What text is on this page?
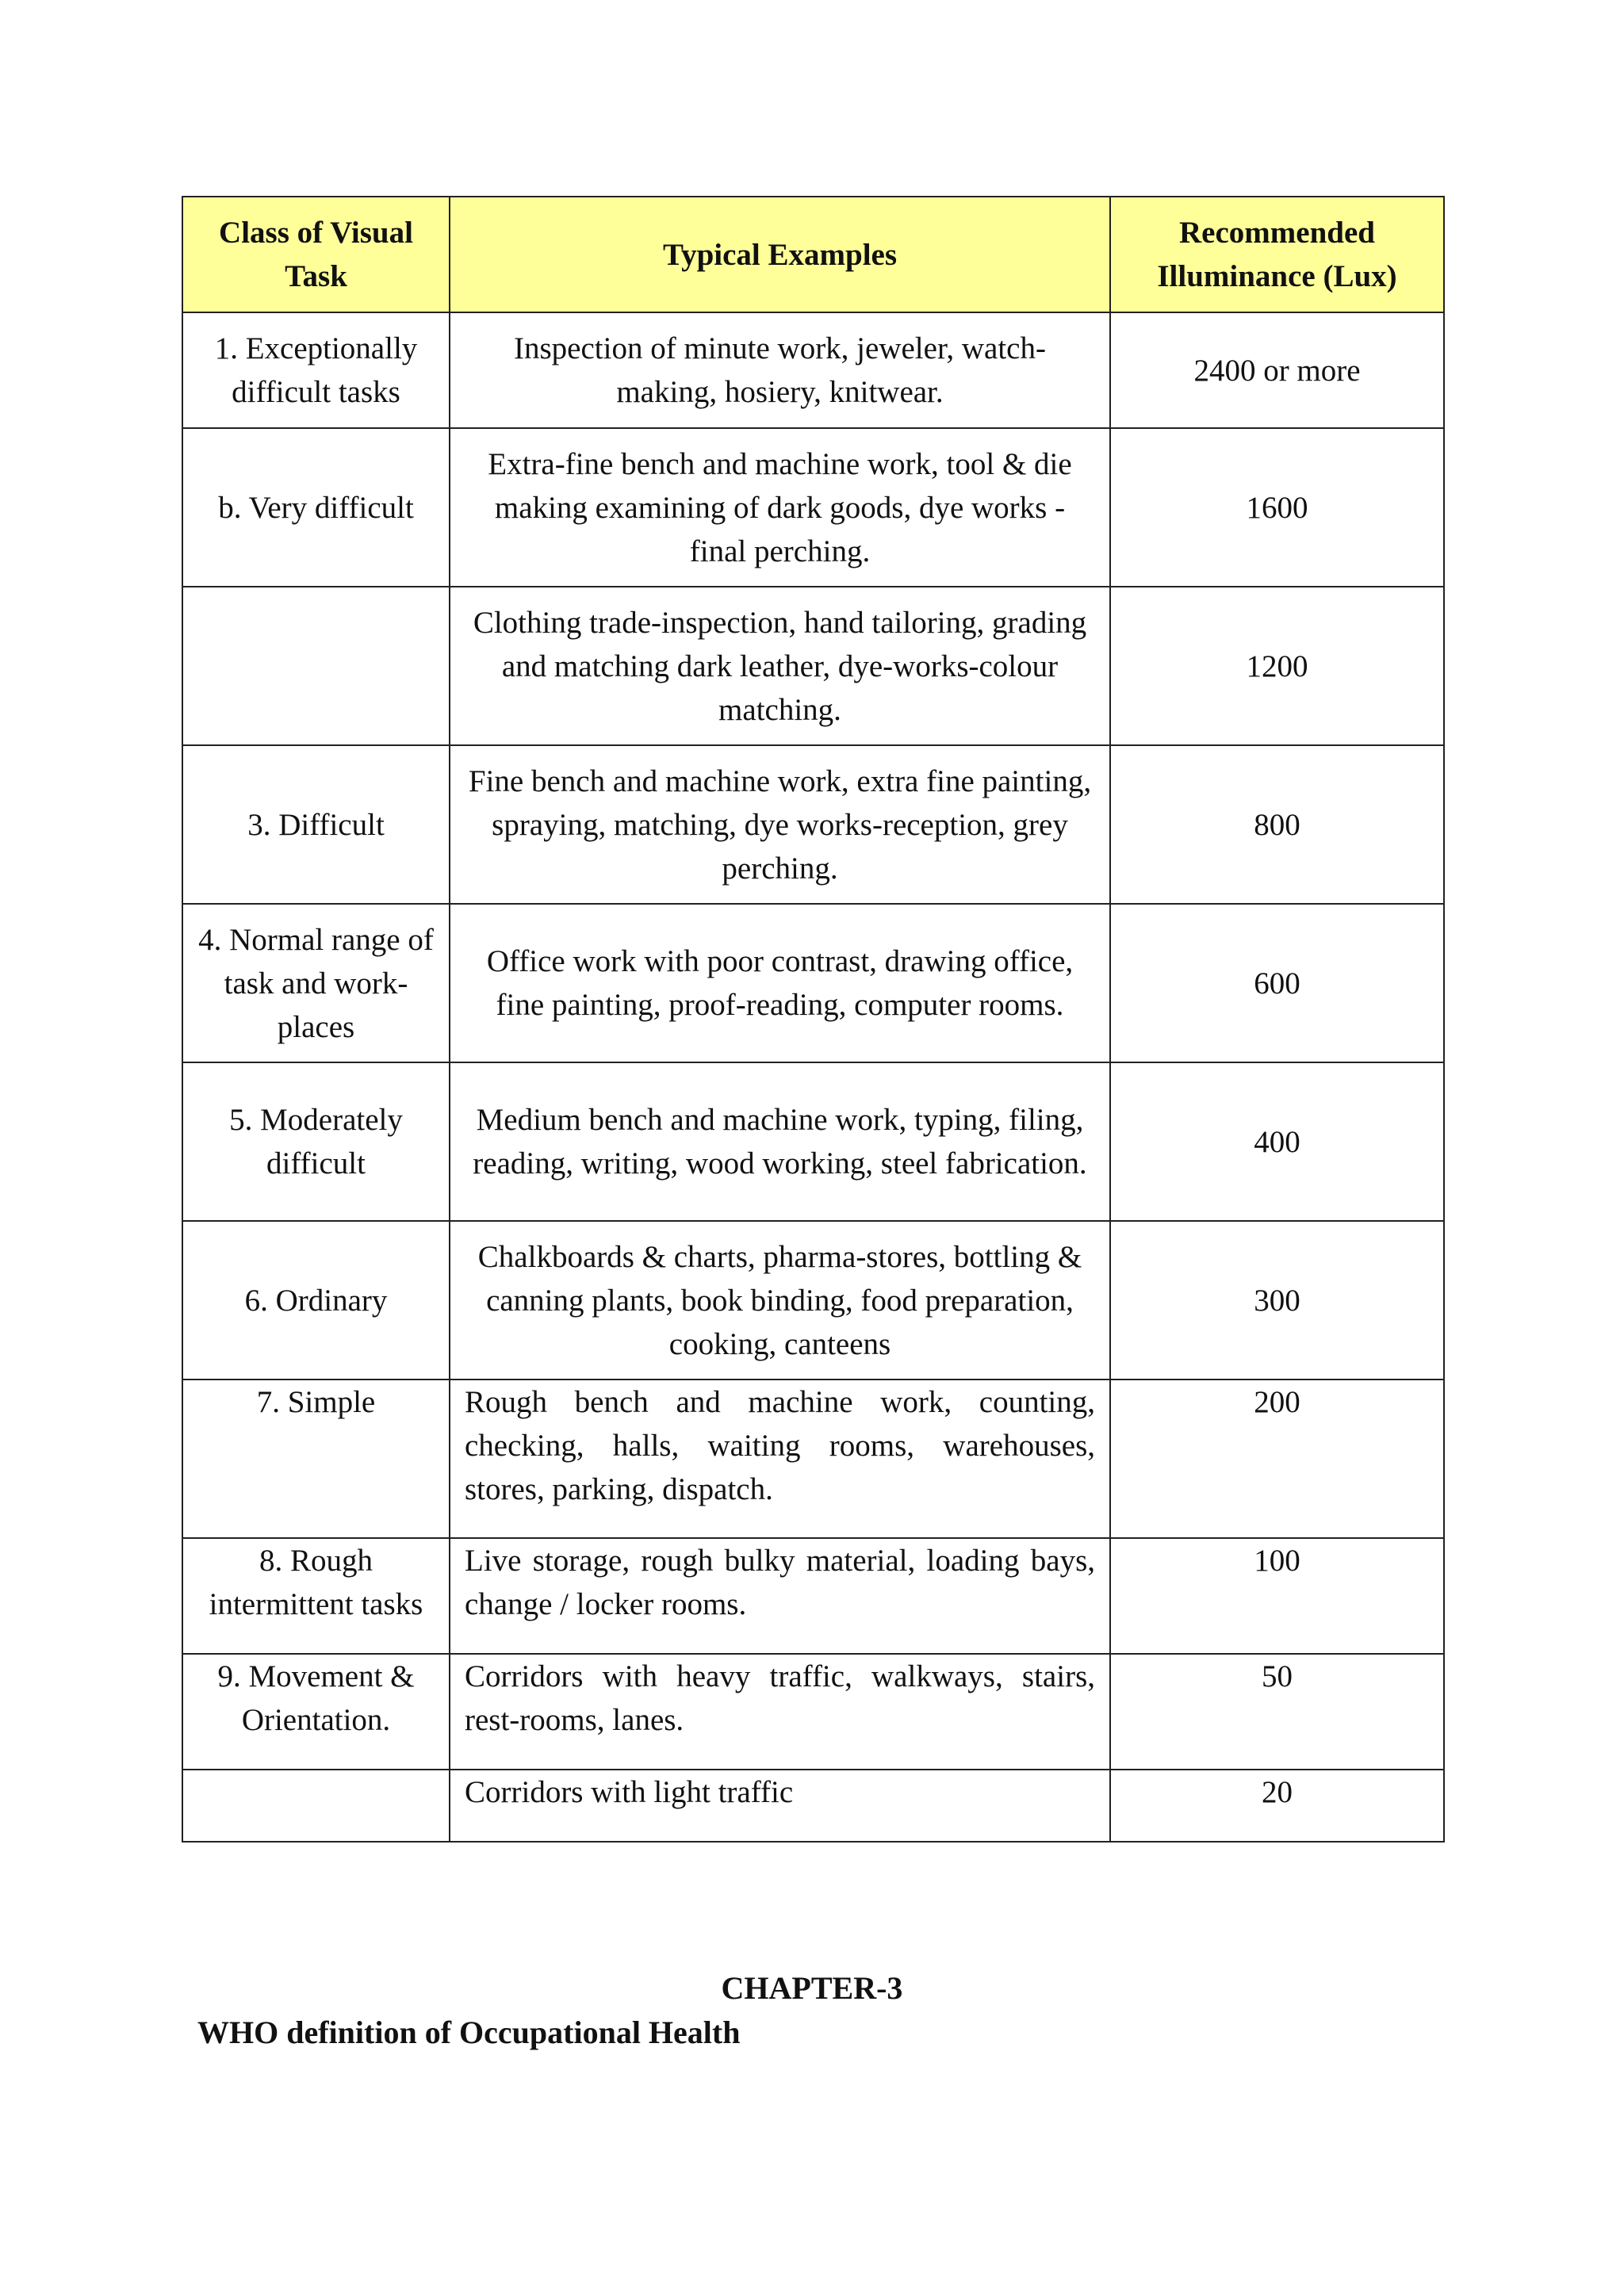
Class of Visual Task	Typical Examples	Recommended Illuminance (Lux)
1. Exceptionally difficult tasks	Inspection of minute work, jeweler, watch-making, hosiery, knitwear.	2400 or more
b. Very difficult	Extra-fine bench and machine work, tool & die making examining of dark goods, dye works - final perching.	1600
	Clothing trade-inspection, hand tailoring, grading and matching dark leather, dye-works-colour matching.	1200
3. Difficult	Fine bench and machine work, extra fine painting, spraying, matching, dye works-reception, grey perching.	800
4. Normal range of task and work-places	Office work with poor contrast, drawing office, fine painting, proof-reading, computer rooms.	600
5. Moderately difficult	Medium bench and machine work, typing, filing, reading, writing, wood working, steel fabrication.	400
6. Ordinary	Chalkboards & charts, pharma-stores, bottling & canning plants, book binding, food preparation, cooking, canteens	300
7. Simple	Rough bench and machine work, counting, checking, halls, waiting rooms, warehouses, stores, parking, dispatch.	200
8. Rough intermittent tasks	Live storage, rough bulky material, loading bays, change / locker rooms.	100
9. Movement & Orientation.	Corridors with heavy traffic, walkways, stairs, rest-rooms, lanes.	50
	Corridors with light traffic	20
CHAPTER-3
WHO definition of Occupational Health
